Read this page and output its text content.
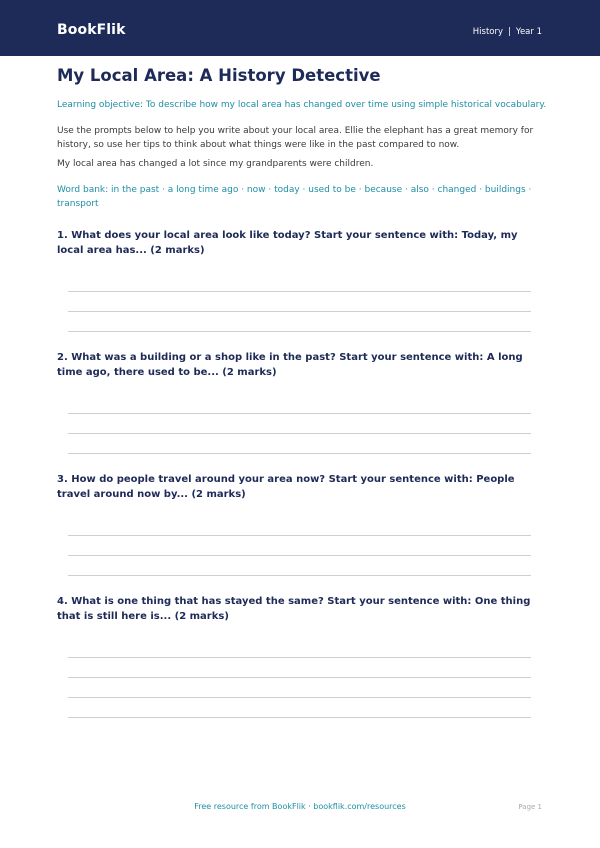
BookFlik	History | Year 1
My Local Area: A History Detective

Learning objective: To describe how my local area has changed over time using simple historical vocabulary.

Use the prompts below to help you write about your local area. Ellie the elephant has a great memory for history, so use her tips to think about what things were like in the past compared to now.

My local area has changed a lot since my grandparents were children.

Word bank: in the past · a long time ago · now · today · used to be · because · also · changed · buildings · transport

1. What does your local area look like today? Start your sentence with: Today, my local area has... (2 marks)

2. What was a building or a shop like in the past? Start your sentence with: A long time ago, there used to be... (2 marks)

3. How do people travel around your area now? Start your sentence with: People travel around now by... (2 marks)

4. What is one thing that has stayed the same? Start your sentence with: One thing that is still here is... (2 marks)

Free resource from BookFlik · bookflik.com/resources	Page 1
